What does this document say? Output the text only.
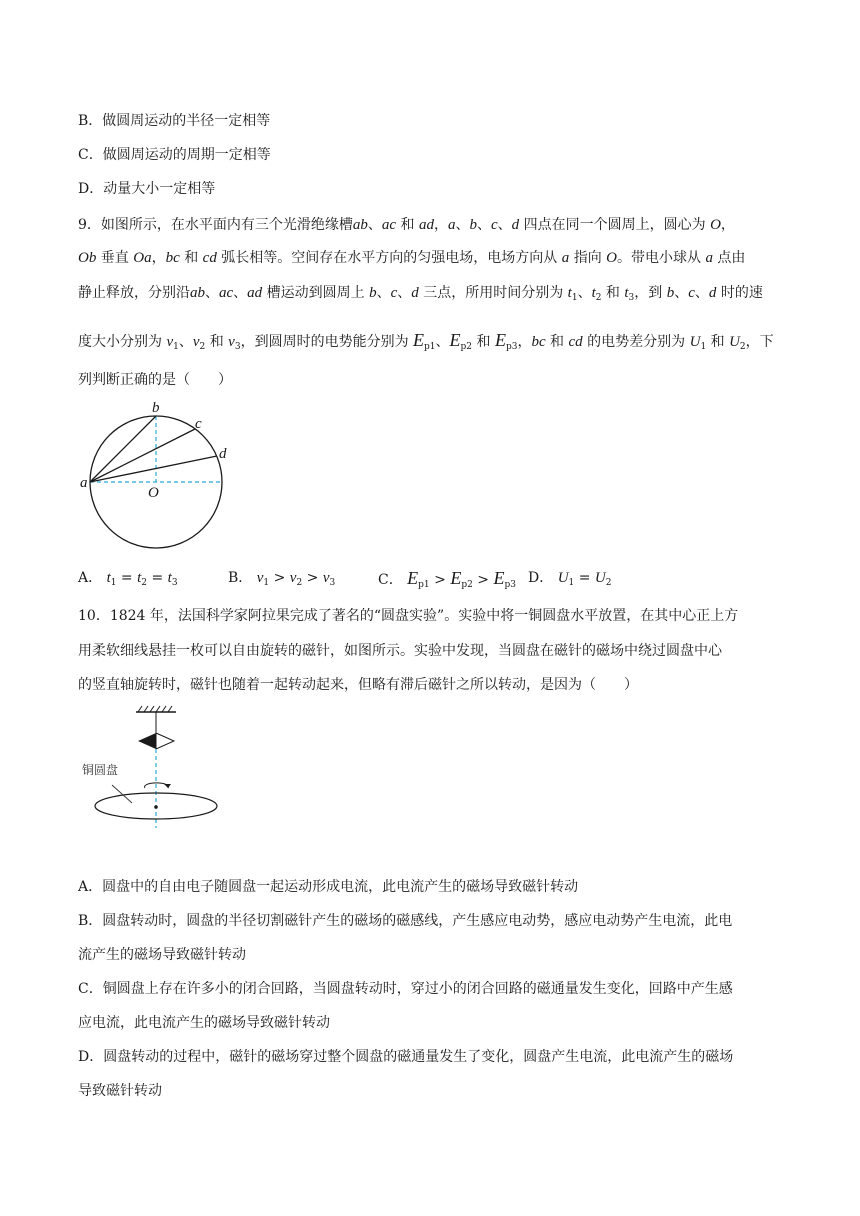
B．做圆周运动的半径一定相等
C．做圆周运动的周期一定相等
D．动量大小一定相等
9．如图所示，在水平面内有三个光滑绝缘槽ab、ac 和 ad，a、b、c、d 四点在同一个圆周上，圆心为 O，
Ob 垂直 Oa，bc 和 cd 弧长相等。空间存在水平方向的匀强电场，电场方向从 a 指向 O。带电小球从 a 点由
静止释放，分别沿ab、ac、ad 槽运动到圆周上 b、c、d 三点，所用时间分别为 $t_1$、$t_2$ 和 $t_3$，到 b、c、d 时的速
度大小分别为 $v_1$、$v_2$ 和 $v_3$，到圆周时的电势能分别为 $E_{p1}$、$E_{p2}$ 和 $E_{p3}$，bc 和 cd 的电势差分别为 $U_1$ 和 $U_2$，下
列判断正确的是（　　）
a
b
c
d
O
A． $t_1 = t_2 = t_3$	B． $v_1 > v_2 > v_3$	C． $E_{p1} > E_{p2} > E_{p3}$ D． $U_1 = U_2$
10．1824 年，法国科学家阿拉果完成了著名的“圆盘实验”。实验中将一铜圆盘水平放置，在其中心正上方
用柔软细线悬挂一枚可以自由旋转的磁针，如图所示。实验中发现，当圆盘在磁针的磁场中绕过圆盘中心
的竖直轴旋转时，磁针也随着一起转动起来，但略有滞后磁针之所以转动，是因为（　　）
铜圆盘
A．圆盘中的自由电子随圆盘一起运动形成电流，此电流产生的磁场导致磁针转动
B．圆盘转动时，圆盘的半径切割磁针产生的磁场的磁感线，产生感应电动势，感应电动势产生电流，此电
流产生的磁场导致磁针转动
C．铜圆盘上存在许多小的闭合回路，当圆盘转动时，穿过小的闭合回路的磁通量发生变化，回路中产生感
应电流，此电流产生的磁场导致磁针转动
D．圆盘转动的过程中，磁针的磁场穿过整个圆盘的磁通量发生了变化，圆盘产生电流，此电流产生的磁场
导致磁针转动
